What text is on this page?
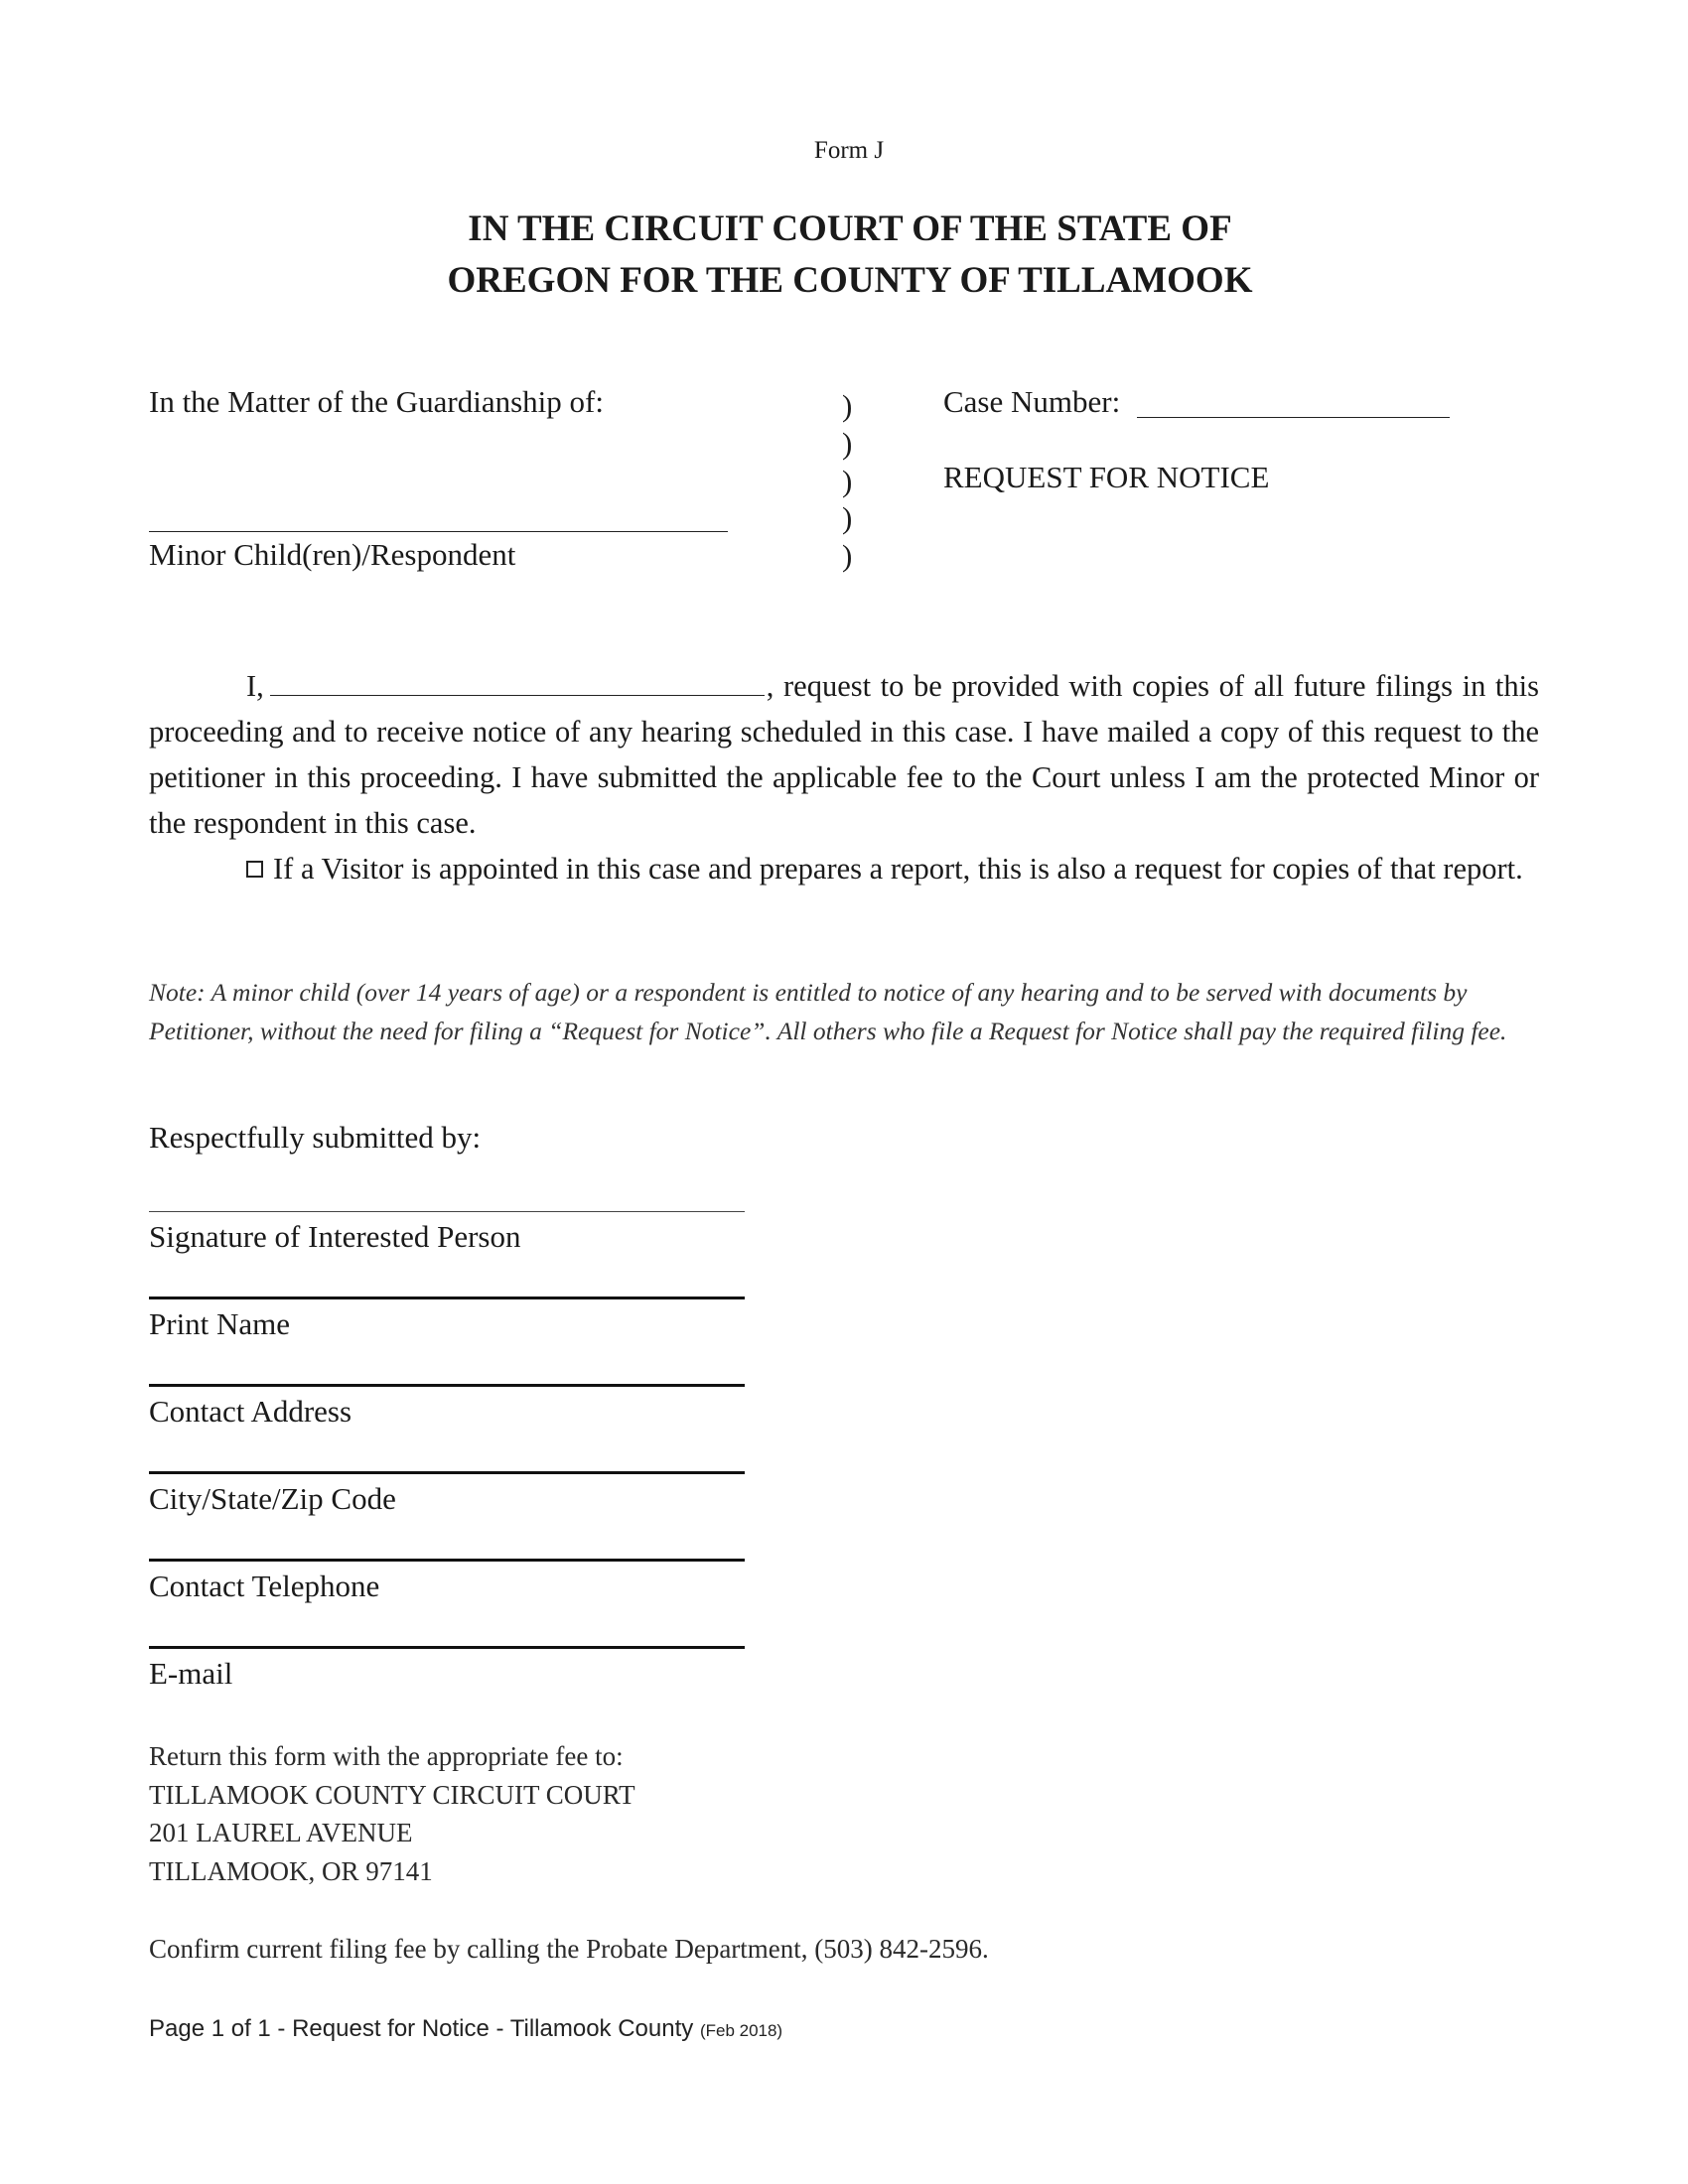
Form J
IN THE CIRCUIT COURT OF THE STATE OF
OREGON FOR THE COUNTY OF TILLAMOOK
In the Matter of the Guardianship of:
Minor Child(ren)/Respondent
)
)
)
)
)
Case Number:
REQUEST FOR NOTICE

I,	, request to be provided with copies of all future filings in this proceeding and to receive notice of any hearing scheduled in this case. I have mailed a copy of this request to the petitioner in this proceeding. I have submitted the applicable fee to the Court unless I am the protected Minor or the respondent in this case.

If a Visitor is appointed in this case and prepares a report, this is also a request for copies of that report.

Note: A minor child (over 14 years of age) or a respondent is entitled to notice of any hearing and to be served with documents by Petitioner, without the need for filing a “Request for Notice”. All others who file a Request for Notice shall pay the required filing fee.
Respectfully submitted by:
Signature of Interested Person
Print Name
Contact Address
City/State/Zip Code
Contact Telephone
E-mail
Return this form with the appropriate fee to:
TILLAMOOK COUNTY CIRCUIT COURT
201 LAUREL AVENUE
TILLAMOOK, OR 97141
Confirm current filing fee by calling the Probate Department, (503) 842-2596.
Page 1 of 1 - Request for Notice - Tillamook County (Feb 2018)
